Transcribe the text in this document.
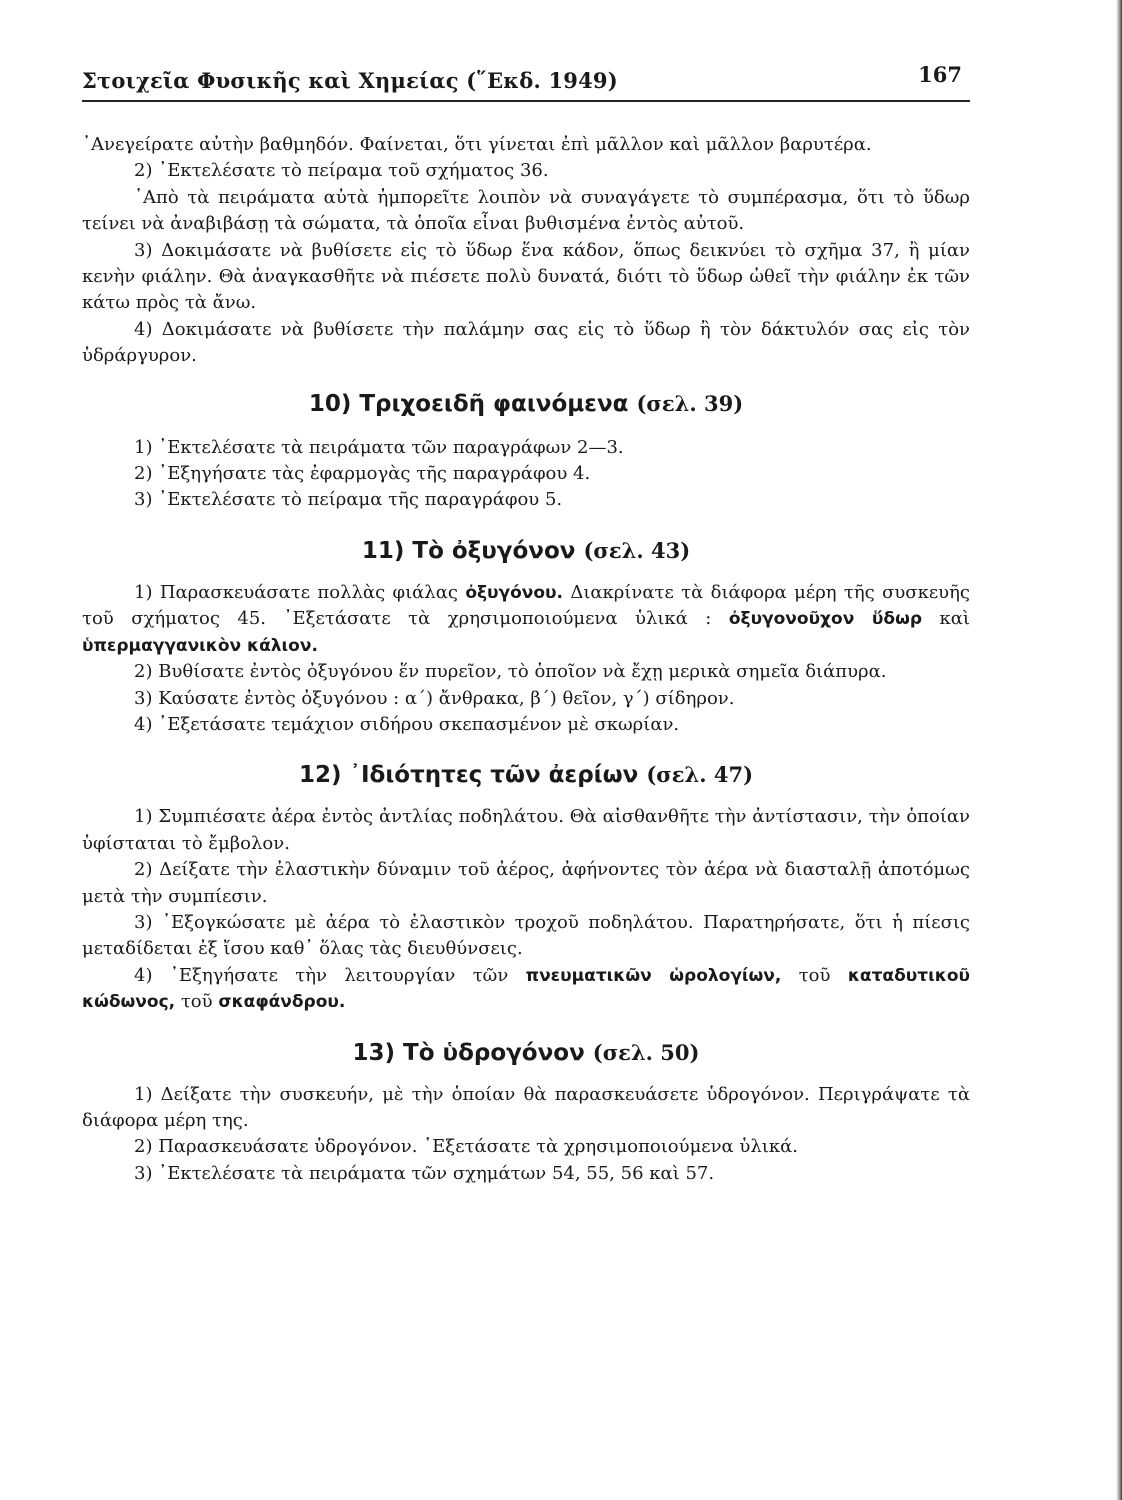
Στοιχεῖα Φυσικῆς καὶ Χημείας (῞Εκδ. 1949)	167

᾿Ανεγείρατε αὐτὴν βαθμηδόν. Φαίνεται, ὅτι γίνεται ἐπὶ μᾶλλον καὶ μᾶλλον βαρυτέρα.

2) ᾿Εκτελέσατε τὸ πείραμα τοῦ σχήματος 36.

᾿Απὸ τὰ πειράματα αὐτὰ ἠμπορεῖτε λοιπὸν νὰ συναγάγετε τὸ συμπέρασμα, ὅτι τὸ ὕδωρ τείνει νὰ ἀναβιβάσῃ τὰ σώματα, τὰ ὁποῖα εἶναι βυθισμένα ἐντὸς αὐτοῦ.

3) Δοκιμάσατε νὰ βυθίσετε εἰς τὸ ὕδωρ ἕνα κάδον, ὅπως δεικνύει τὸ σχῆμα 37, ἢ μίαν κενὴν φιάλην. Θὰ ἀναγκασθῆτε νὰ πιέσετε πολὺ δυνατά, διότι τὸ ὕδωρ ὠθεῖ τὴν φιάλην ἐκ τῶν κάτω πρὸς τὰ ἄνω.

4) Δοκιμάσατε νὰ βυθίσετε τὴν παλάμην σας εἰς τὸ ὕδωρ ἢ τὸν δάκτυλόν σας εἰς τὸν ὑδράργυρον.

10) Τριχοειδῆ φαινόμενα (σελ. 39)

1) ᾿Εκτελέσατε τὰ πειράματα τῶν παραγράφων 2—3.

2) ᾿Εξηγήσατε τὰς ἐφαρμογὰς τῆς παραγράφου 4.

3) ᾿Εκτελέσατε τὸ πείραμα τῆς παραγράφου 5.

11) Τὸ ὀξυγόνον (σελ. 43)

1) Παρασκευάσατε πολλὰς φιάλας ὀξυγόνου. Διακρίνατε τὰ διάφορα μέρη τῆς συσκευῆς τοῦ σχήματος 45. ᾿Εξετάσατε τὰ χρησιμοποιούμενα ὑλικά : ὀξυγονοῦχον ὕδωρ καὶ ὑπερμαγγανικὸν κάλιον.

2) Βυθίσατε ἐντὸς ὀξυγόνου ἕν πυρεῖον, τὸ ὁποῖον νὰ ἔχῃ μερικὰ σημεῖα διάπυρα.

3) Καύσατε ἐντὸς ὀξυγόνου : α΄) ἄνθρακα, β΄) θεῖον, γ΄) σίδηρον.

4) ᾿Εξετάσατε τεμάχιον σιδήρου σκεπασμένον μὲ σκωρίαν.

12) ᾿Ιδιότητες τῶν ἀερίων (σελ. 47)

1) Συμπιέσατε ἀέρα ἐντὸς ἀντλίας ποδηλάτου. Θὰ αἰσθανθῆτε τὴν ἀντίστασιν, τὴν ὁποίαν ὑφίσταται τὸ ἔμβολον.

2) Δείξατε τὴν ἐλαστικὴν δύναμιν τοῦ ἀέρος, ἀφήνοντες τὸν ἀέρα νὰ διασταλῇ ἀποτόμως μετὰ τὴν συμπίεσιν.

3) ᾿Εξογκώσατε μὲ ἀέρα τὸ ἐλαστικὸν τροχοῦ ποδηλάτου. Παρατηρήσατε, ὅτι ἡ πίεσις μεταδίδεται ἐξ ἴσου καθ᾿ ὅλας τὰς διευθύνσεις.

4) ᾿Εξηγήσατε τὴν λειτουργίαν τῶν πνευματικῶν ὡρολογίων, τοῦ καταδυτικοῦ κώδωνος, τοῦ σκαφάνδρου.

13) Τὸ ὑδρογόνον (σελ. 50)

1) Δείξατε τὴν συσκευήν, μὲ τὴν ὁποίαν θὰ παρασκευάσετε ὑδρογόνον. Περιγράψατε τὰ διάφορα μέρη της.

2) Παρασκευάσατε ὑδρογόνον. ᾿Εξετάσατε τὰ χρησιμοποιούμενα ὑλικά.

3) ᾿Εκτελέσατε τὰ πειράματα τῶν σχημάτων 54, 55, 56 καὶ 57.
